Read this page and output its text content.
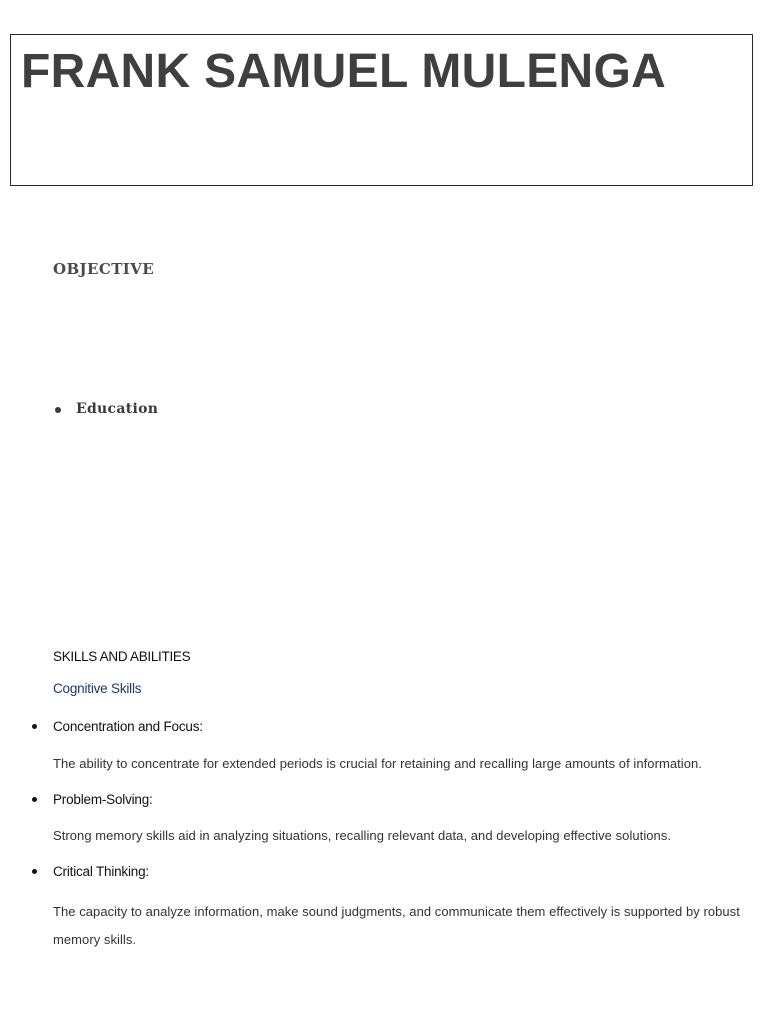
FRANK SAMUEL MULENGA
OBJECTIVE
Education
SKILLS AND ABILITIES
Cognitive Skills
Concentration and Focus:
The ability to concentrate for extended periods is crucial for retaining and recalling large amounts of information.
Problem-Solving:
Strong memory skills aid in analyzing situations, recalling relevant data, and developing effective solutions.
Critical Thinking:

The capacity to analyze information, make sound judgments, and communicate them effectively is supported by robust memory skills.
